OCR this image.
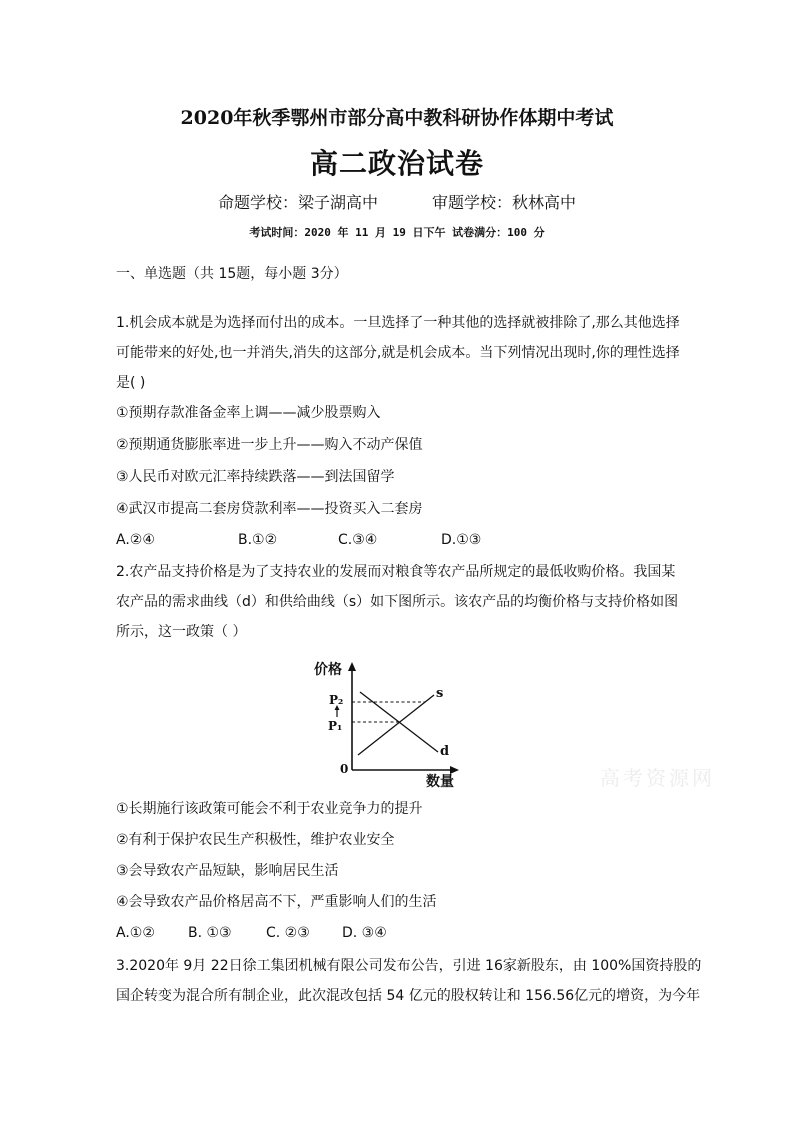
2020年秋季鄂州市部分高中教科研协作体期中考试
高二政治试卷
命题学校：梁子湖高中	审题学校：秋林高中
考试时间：2020 年 11 月 19 日下午 试卷满分：100 分
一、单选题（共 15题，每小题 3分）
1.机会成本就是为选择而付出的成本。一旦选择了一种其他的选择就被排除了,那么其他选择
可能带来的好处,也一并消失,消失的这部分,就是机会成本。当下列情况出现时,你的理性选择
是( )
①预期存款准备金率上调——减少股票购入
②预期通货膨胀率进一步上升——购入不动产保值
③人民币对欧元汇率持续跌落——到法国留学
④武汉市提高二套房贷款利率——投资买入二套房
A.②④	B.①②	C.③④	D.①③
2.农产品支持价格是为了支持农业的发展而对粮食等农产品所规定的最低收购价格。我国某
农产品的需求曲线（d）和供给曲线（s）如下图所示。该农产品的均衡价格与支持价格如图
所示，这一政策（ ）
价格
数量
0
P₂
P₁
s
d
高考资源网
①长期施行该政策可能会不利于农业竞争力的提升
②有利于保护农民生产积极性，维护农业安全
③会导致农产品短缺，影响居民生活
④会导致农产品价格居高不下，严重影响人们的生活
A.①② B. ①③ C. ②③ D. ③④
3.2020年 9月 22日徐工集团机械有限公司发布公告，引进 16家新股东，由 100%国资持股的
国企转变为混合所有制企业，此次混改包括 54 亿元的股权转让和 156.56亿元的增资，为今年
